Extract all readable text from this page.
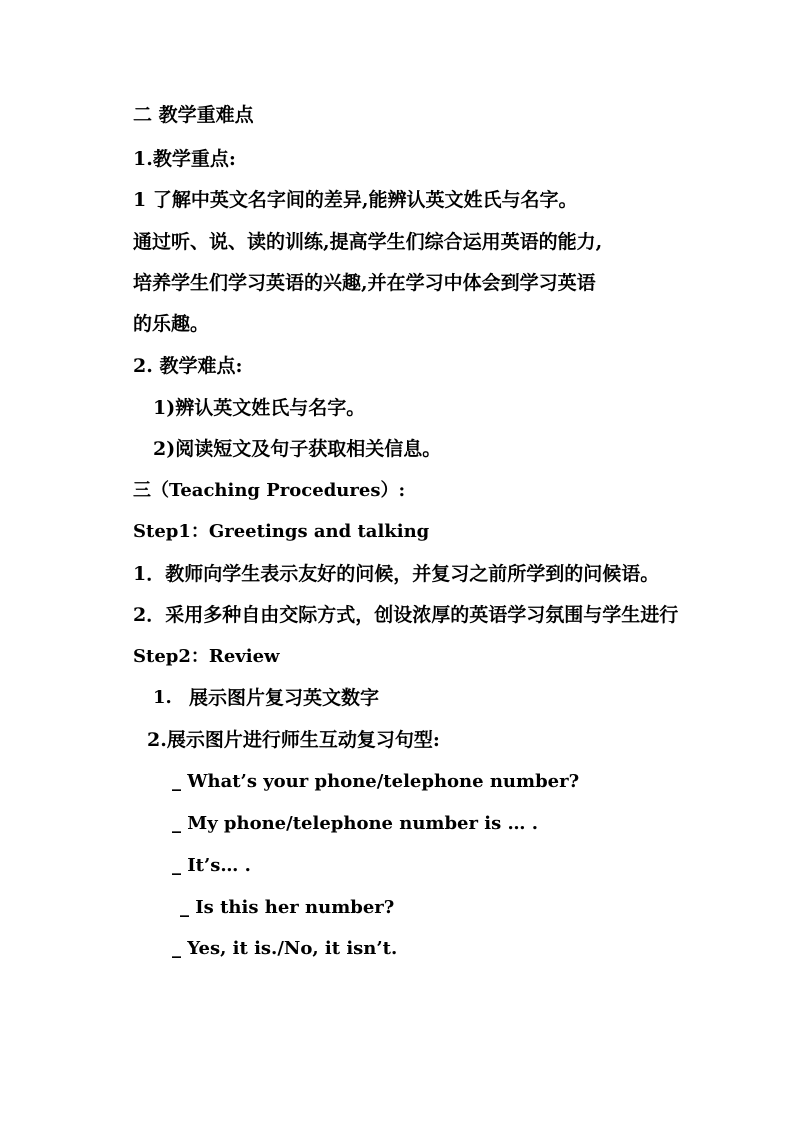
二 教学重难点
1.教学重点:
1 了解中英文名字间的差异,能辨认英文姓氏与名字。
通过听、说、读的训练,提高学生们综合运用英语的能力,
培养学生们学习英语的兴趣,并在学习中体会到学习英语
的乐趣。
2. 教学难点:
1)辨认英文姓氏与名字。
2)阅读短文及句子获取相关信息。
三（Teaching Procedures）:
Step1：Greetings and talking
1．教师向学生表示友好的问候，并复习之前所学到的问候语。
2．采用多种自由交际方式，创设浓厚的英语学习氛围与学生进行
Step2：Review
1. 展示图片复习英文数字
2.展示图片进行师生互动复习句型:
_ What’s your phone/telephone number?
_ My phone/telephone number is … .
_ It’s… .
_ Is this her number?
_ Yes, it is./No, it isn’t.
